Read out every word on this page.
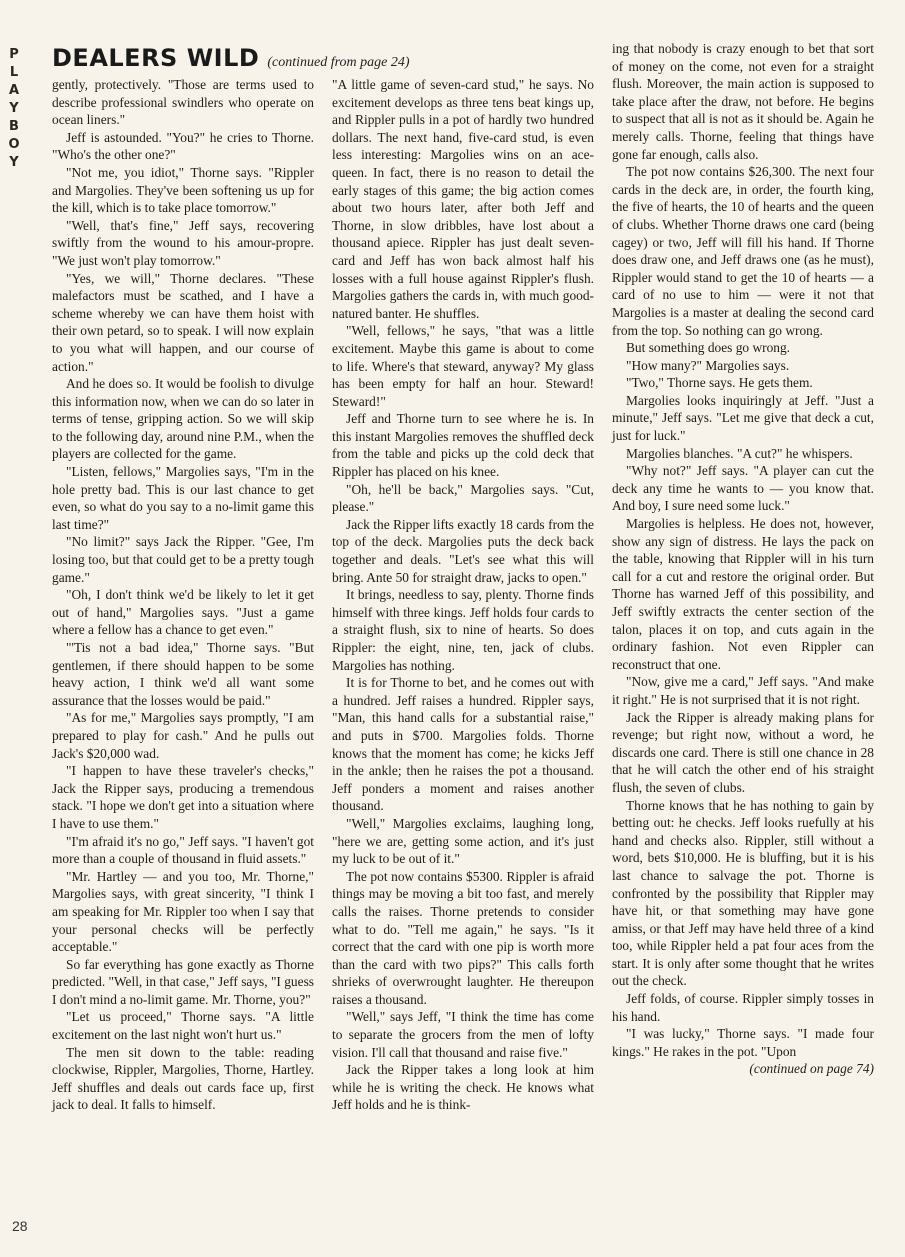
P
L
A
Y
B
O
Y
DEALERS WILD (continued from page 24)

gently, protectively. "Those are terms used to describe professional swindlers who operate on ocean liners."

Jeff is astounded. "You?" he cries to Thorne. "Who's the other one?"

"Not me, you idiot," Thorne says. "Rippler and Margolies. They've been softening us up for the kill, which is to take place tomorrow."

"Well, that's fine," Jeff says, recovering swiftly from the wound to his amour-propre. "We just won't play tomorrow."

"Yes, we will," Thorne declares. "These malefactors must be scathed, and I have a scheme whereby we can have them hoist with their own petard, so to speak. I will now explain to you what will happen, and our course of action."

And he does so. It would be foolish to divulge this information now, when we can do so later in terms of tense, gripping action. So we will skip to the following day, around nine P.M., when the players are collected for the game.

"Listen, fellows," Margolies says, "I'm in the hole pretty bad. This is our last chance to get even, so what do you say to a no-limit game this last time?"

"No limit?" says Jack the Ripper. "Gee, I'm losing too, but that could get to be a pretty tough game."

"Oh, I don't think we'd be likely to let it get out of hand," Margolies says. "Just a game where a fellow has a chance to get even."

"'Tis not a bad idea," Thorne says. "But gentlemen, if there should happen to be some heavy action, I think we'd all want some assurance that the losses would be paid."

"As for me," Margolies says promptly, "I am prepared to play for cash." And he pulls out Jack's $20,000 wad.

"I happen to have these traveler's checks," Jack the Ripper says, producing a tremendous stack. "I hope we don't get into a situation where I have to use them."

"I'm afraid it's no go," Jeff says. "I haven't got more than a couple of thousand in fluid assets."

"Mr. Hartley — and you too, Mr. Thorne," Margolies says, with great sincerity, "I think I am speaking for Mr. Rippler too when I say that your personal checks will be perfectly acceptable."

So far everything has gone exactly as Thorne predicted. "Well, in that case," Jeff says, "I guess I don't mind a no-limit game. Mr. Thorne, you?"

"Let us proceed," Thorne says. "A little excitement on the last night won't hurt us."

The men sit down to the table: reading clockwise, Rippler, Margolies, Thorne, Hartley. Jeff shuffles and deals out cards face up, first jack to deal. It falls to himself.

"A little game of seven-card stud," he says. No excitement develops as three tens beat kings up, and Rippler pulls in a pot of hardly two hundred dollars. The next hand, five-card stud, is even less interesting: Margolies wins on an ace-queen. In fact, there is no reason to detail the early stages of this game; the big action comes about two hours later, after both Jeff and Thorne, in slow dribbles, have lost about a thousand apiece. Rippler has just dealt seven-card and Jeff has won back almost half his losses with a full house against Rippler's flush. Margolies gathers the cards in, with much good-natured banter. He shuffles.

"Well, fellows," he says, "that was a little excitement. Maybe this game is about to come to life. Where's that steward, anyway? My glass has been empty for half an hour. Steward! Steward!"

Jeff and Thorne turn to see where he is. In this instant Margolies removes the shuffled deck from the table and picks up the cold deck that Rippler has placed on his knee.

"Oh, he'll be back," Margolies says. "Cut, please."

Jack the Ripper lifts exactly 18 cards from the top of the deck. Margolies puts the deck back together and deals. "Let's see what this will bring. Ante 50 for straight draw, jacks to open."

It brings, needless to say, plenty. Thorne finds himself with three kings. Jeff holds four cards to a straight flush, six to nine of hearts. So does Rippler: the eight, nine, ten, jack of clubs. Margolies has nothing.

It is for Thorne to bet, and he comes out with a hundred. Jeff raises a hundred. Rippler says, "Man, this hand calls for a substantial raise," and puts in $700. Margolies folds. Thorne knows that the moment has come; he kicks Jeff in the ankle; then he raises the pot a thousand. Jeff ponders a moment and raises another thousand.

"Well," Margolies exclaims, laughing long, "here we are, getting some action, and it's just my luck to be out of it."

The pot now contains $5300. Rippler is afraid things may be moving a bit too fast, and merely calls the raises. Thorne pretends to consider what to do. "Tell me again," he says. "Is it correct that the card with one pip is worth more than the card with two pips?" This calls forth shrieks of overwrought laughter. He thereupon raises a thousand.

"Well," says Jeff, "I think the time has come to separate the grocers from the men of lofty vision. I'll call that thousand and raise five."

Jack the Ripper takes a long look at him while he is writing the check. He knows what Jeff holds and he is think-

ing that nobody is crazy enough to bet that sort of money on the come, not even for a straight flush. Moreover, the main action is supposed to take place after the draw, not before. He begins to suspect that all is not as it should be. Again he merely calls. Thorne, feeling that things have gone far enough, calls also.

The pot now contains $26,300. The next four cards in the deck are, in order, the fourth king, the five of hearts, the 10 of hearts and the queen of clubs. Whether Thorne draws one card (being cagey) or two, Jeff will fill his hand. If Thorne does draw one, and Jeff draws one (as he must), Rippler would stand to get the 10 of hearts — a card of no use to him — were it not that Margolies is a master at dealing the second card from the top. So nothing can go wrong.

But something does go wrong.

"How many?" Margolies says.

"Two," Thorne says. He gets them.

Margolies looks inquiringly at Jeff. "Just a minute," Jeff says. "Let me give that deck a cut, just for luck."

Margolies blanches. "A cut?" he whispers.

"Why not?" Jeff says. "A player can cut the deck any time he wants to — you know that. And boy, I sure need some luck."

Margolies is helpless. He does not, however, show any sign of distress. He lays the pack on the table, knowing that Rippler will in his turn call for a cut and restore the original order. But Thorne has warned Jeff of this possibility, and Jeff swiftly extracts the center section of the talon, places it on top, and cuts again in the ordinary fashion. Not even Rippler can reconstruct that one.

"Now, give me a card," Jeff says. "And make it right." He is not surprised that it is not right.

Jack the Ripper is already making plans for revenge; but right now, without a word, he discards one card. There is still one chance in 28 that he will catch the other end of his straight flush, the seven of clubs.

Thorne knows that he has nothing to gain by betting out: he checks. Jeff looks ruefully at his hand and checks also. Rippler, still without a word, bets $10,000. He is bluffing, but it is his last chance to salvage the pot. Thorne is confronted by the possibility that Rippler may have hit, or that something may have gone amiss, or that Jeff may have held three of a kind too, while Rippler held a pat four aces from the start. It is only after some thought that he writes out the check.

Jeff folds, of course. Rippler simply tosses in his hand.

"I was lucky," Thorne says. "I made four kings." He rakes in the pot. "Upon

(continued on page 74)

28
